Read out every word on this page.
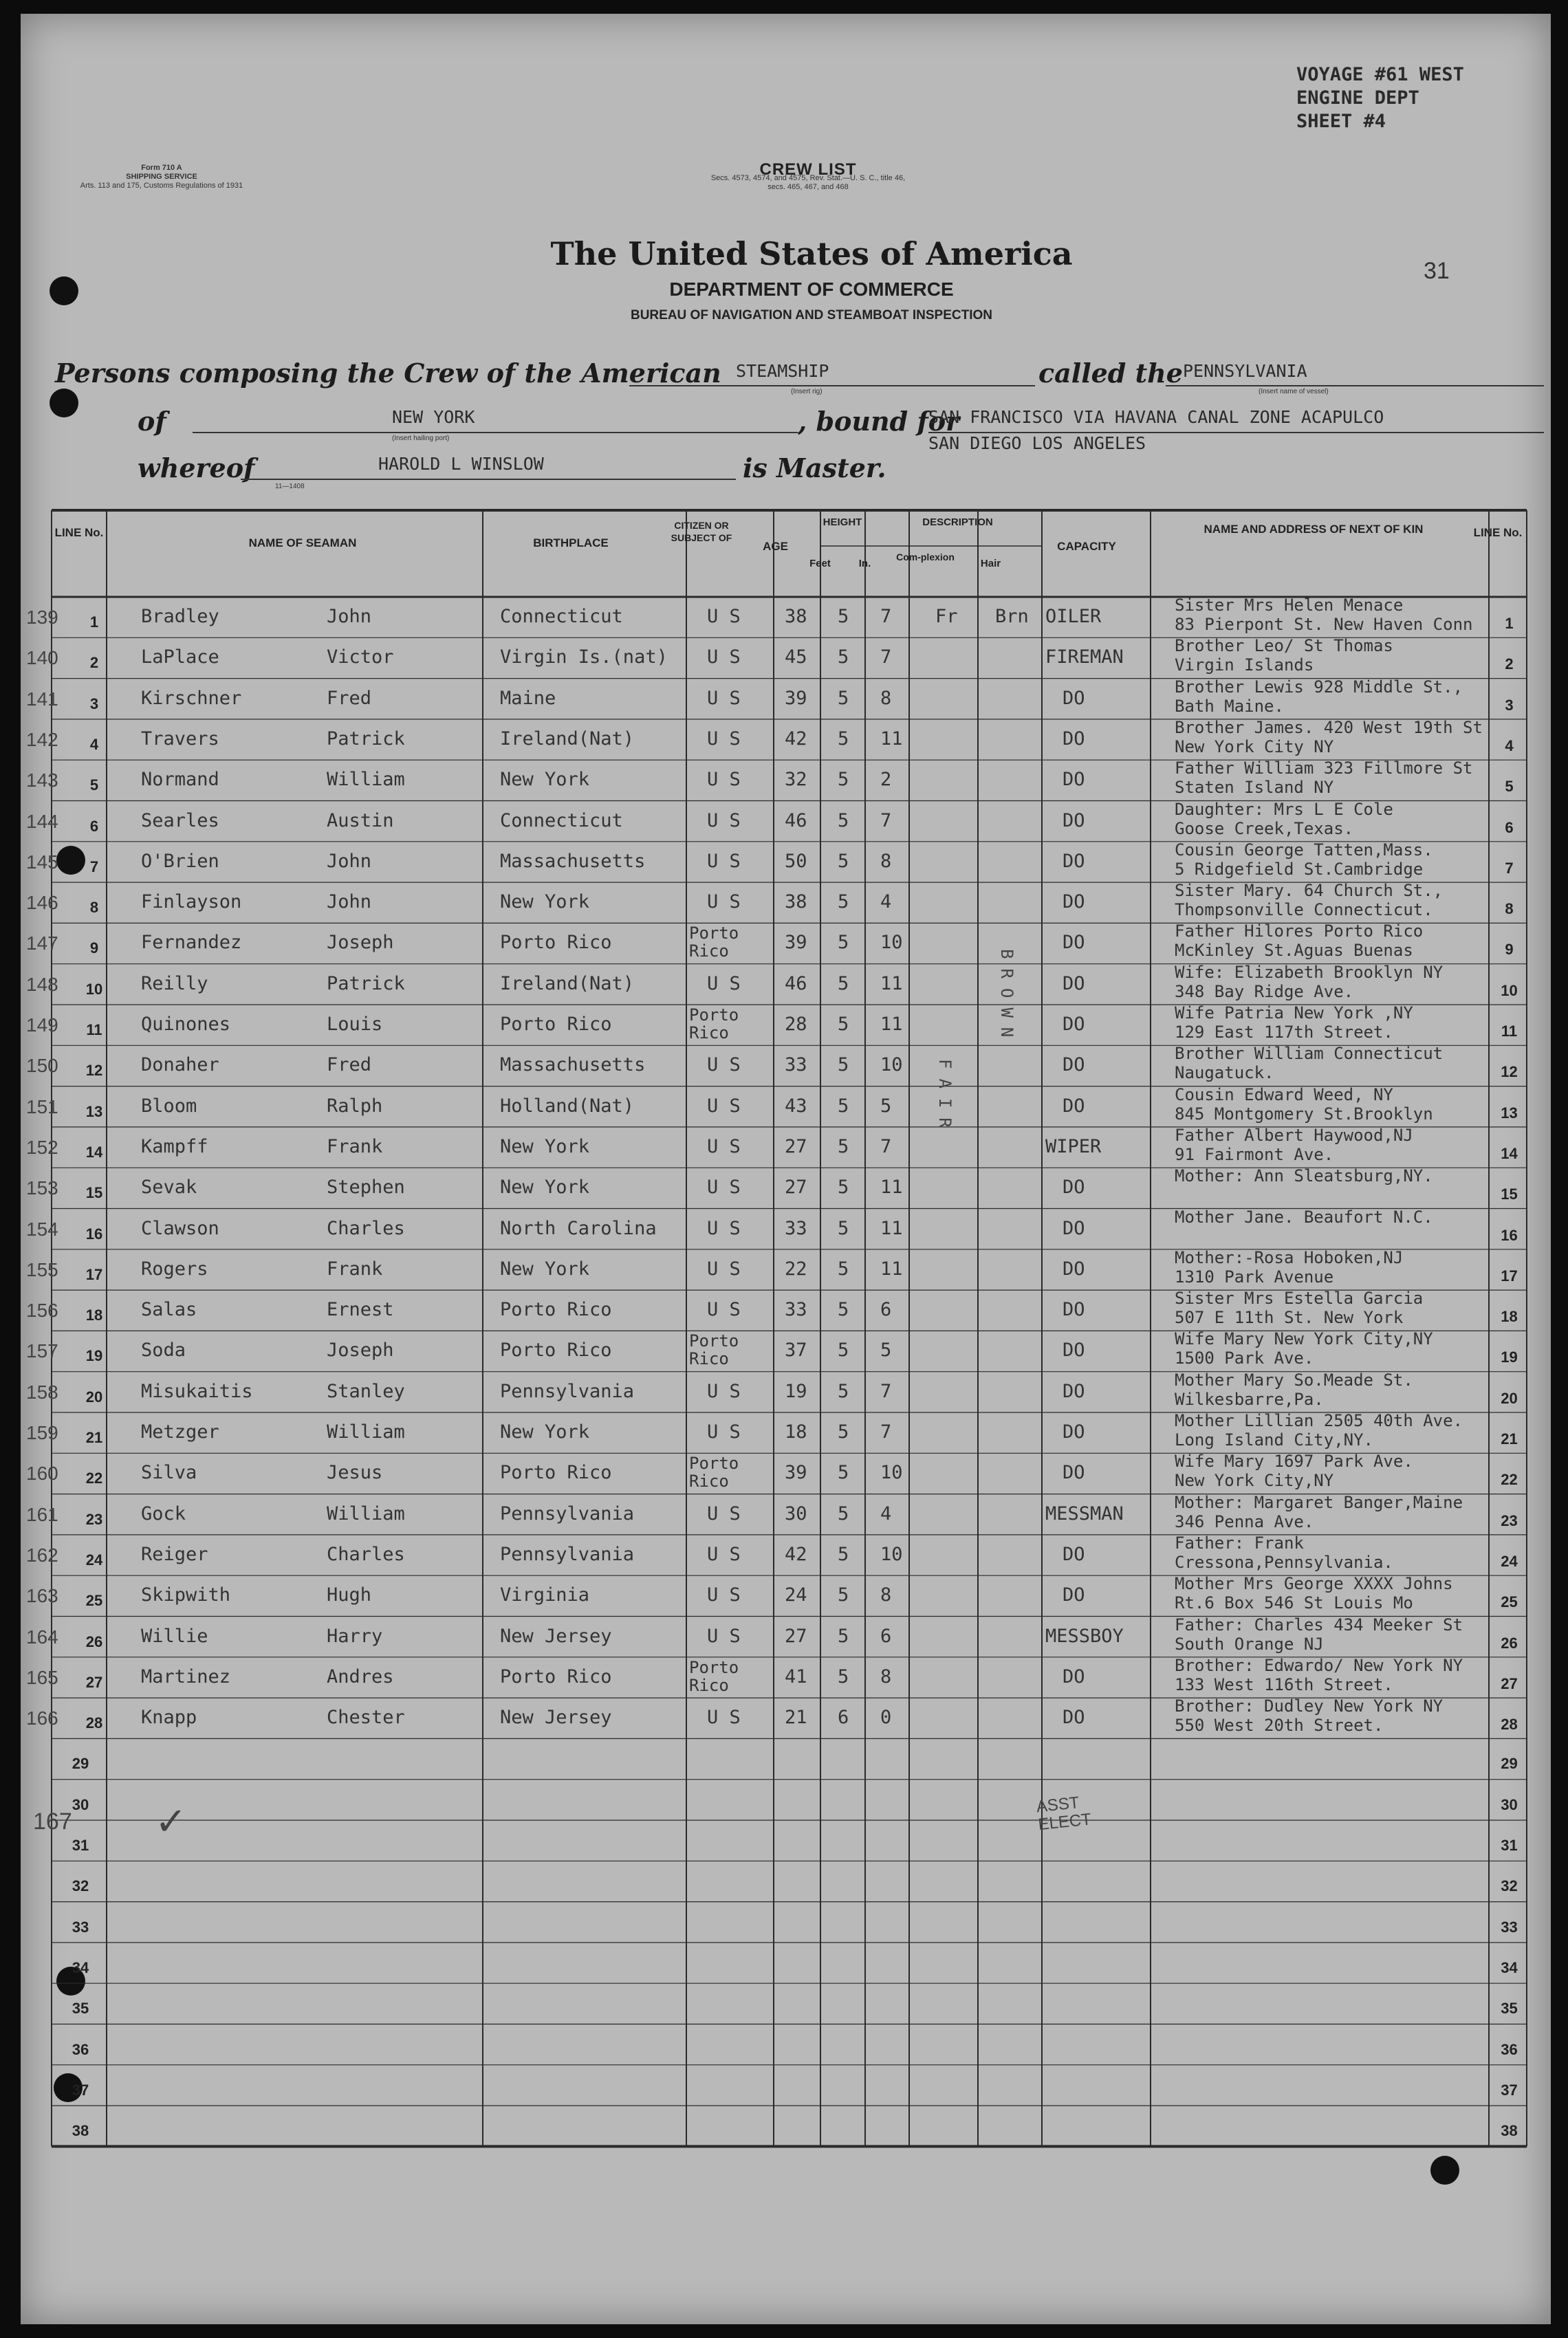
VOYAGE #61 WEST
ENGINE DEPT
SHEET #4
31
Form 710 A
SHIPPING SERVICE
Arts. 113 and 175, Customs Regulations of 1931
CREW LIST
Secs. 4573, 4574, and 4575, Rev. Stat.—U. S. C., title 46,
secs. 465, 467, and 468
The United States of America
DEPARTMENT OF COMMERCE
BUREAU OF NAVIGATION AND STEAMBOAT INSPECTION
Persons composing the Crew of the American STEAMSHIP
(Insert rig)
called the PENNSYLVANIA
(Insert name of vessel)
of	NEW YORK
(Insert hailing port)
, bound for
SAN FRANCISCO VIA HAVANA CANAL ZONE ACAPULCO
SAN DIEGO LOS ANGELES
whereof	HAROLD L WINSLOW	is Master.
11—1408
LINE No.
NAME OF SEAMAN	BIRTHPLACE
CITIZEN OR SUBJECT OF
AGE
HEIGHT
Feet	In.
DESCRIPTION
Com-plexion
Hair
CAPACITY
NAME AND ADDRESS OF NEXT OF KIN	LINE No.
FAIR
BROWN
139	1	Bradley	John	Connecticut	U S	38 5 7 Fr Brn OILER
Sister Mrs Helen Menace
83 Pierpont St. New Haven Conn	1
140	2	LaPlace	Victor	Virgin Is.(nat)	U S	45 5 7	FIREMAN
Brother Leo/ St Thomas
Virgin Islands	2
141	3	Kirschner	Fred	Maine	U S	39 5 8	DO
Brother Lewis 928 Middle St.,
Bath Maine.	3
142	4	Travers	Patrick	Ireland(Nat)	U S	42 5 11	DO
Brother James. 420 West 19th St
New York City NY	4
143	5	Normand	William	New York	U S	32 5 2	DO
Father William 323 Fillmore St
Staten Island NY	5
144	6	Searles	Austin	Connecticut	U S	46 5 7	DO
Daughter: Mrs L E Cole
Goose Creek,Texas.	6
145	7	O'Brien	John	Massachusetts	U S	50 5 8	DO
Cousin George Tatten,Mass.
5 Ridgefield St.Cambridge	7
146	8	Finlayson	John	New York	U S	38 5 4	DO
Sister Mary. 64 Church St.,
Thompsonville Connecticut.	8
147	9	Fernandez	Joseph	Porto Rico	Porto Rico	39 5 10	DO
Father Hilores Porto Rico
McKinley St.Aguas Buenas	9
148	10	Reilly	Patrick	Ireland(Nat)	U S	46 5 11	DO
Wife: Elizabeth Brooklyn NY
348 Bay Ridge Ave.	10
149	11	Quinones	Louis	Porto Rico	Porto Rico	28 5 11	DO
Wife Patria New York ,NY
129 East 117th Street.	11
150	12	Donaher	Fred	Massachusetts	U S	33 5 10	DO
Brother William Connecticut
Naugatuck.	12
151	13	Bloom	Ralph	Holland(Nat)	U S	43 5 5	DO
Cousin Edward Weed, NY
845 Montgomery St.Brooklyn	13
152	14	Kampff	Frank	New York	U S	27 5 7	WIPER
Father Albert Haywood,NJ
91 Fairmont Ave.	14
153	15	Sevak	Stephen	New York	U S	27 5 11	DO
Mother: Ann Sleatsburg,NY.
15
154	16	Clawson	Charles	North Carolina	U S	33 5 11	DO
Mother Jane. Beaufort N.C.
16
155	17	Rogers	Frank	New York	U S	22 5 11	DO
Mother:-Rosa Hoboken,NJ
1310 Park Avenue	17
156	18	Salas	Ernest	Porto Rico	U S	33 5 6	DO
Sister Mrs Estella Garcia
507 E 11th St. New York	18
157	19	Soda	Joseph	Porto Rico	Porto Rico	37 5 5	DO
Wife Mary New York City,NY
1500 Park Ave.	19
158	20	Misukaitis	Stanley	Pennsylvania	U S	19 5 7	DO
Mother Mary So.Meade St.
Wilkesbarre,Pa.	20
159	21	Metzger	William	New York	U S	18 5 7	DO
Mother Lillian 2505 40th Ave.
Long Island City,NY.	21
160	22	Silva	Jesus	Porto Rico	Porto Rico	39 5 10	DO
Wife Mary 1697 Park Ave.
New York City,NY	22
161	23	Gock	William	Pennsylvania	U S	30 5 4	MESSMAN
Mother: Margaret Banger,Maine
346 Penna Ave.	23
162	24	Reiger	Charles	Pennsylvania	U S	42 5 10	DO
Father: Frank
Cressona,Pennsylvania.	24
163	25	Skipwith	Hugh	Virginia	U S	24 5 8	DO
Mother Mrs George XXXX Johns
Rt.6 Box 546 St Louis Mo	25
164	26	Willie	Harry	New Jersey	U S	27 5 6	MESSBOY
Father: Charles 434 Meeker St
South Orange NJ	26
165	27	Martinez	Andres	Porto Rico	Porto Rico	41 5 8	DO
Brother: Edwardo/ New York NY
133 West 116th Street.	27
166	28	Knapp	Chester	New Jersey	U S	21 6 0	DO
Brother: Dudley New York NY
550 West 20th Street.	28
29	29
30	30
31	31
32	32
33	33
34	34
35	35
36	36
37	37
38	38
167 ✓	ASST ELECT
